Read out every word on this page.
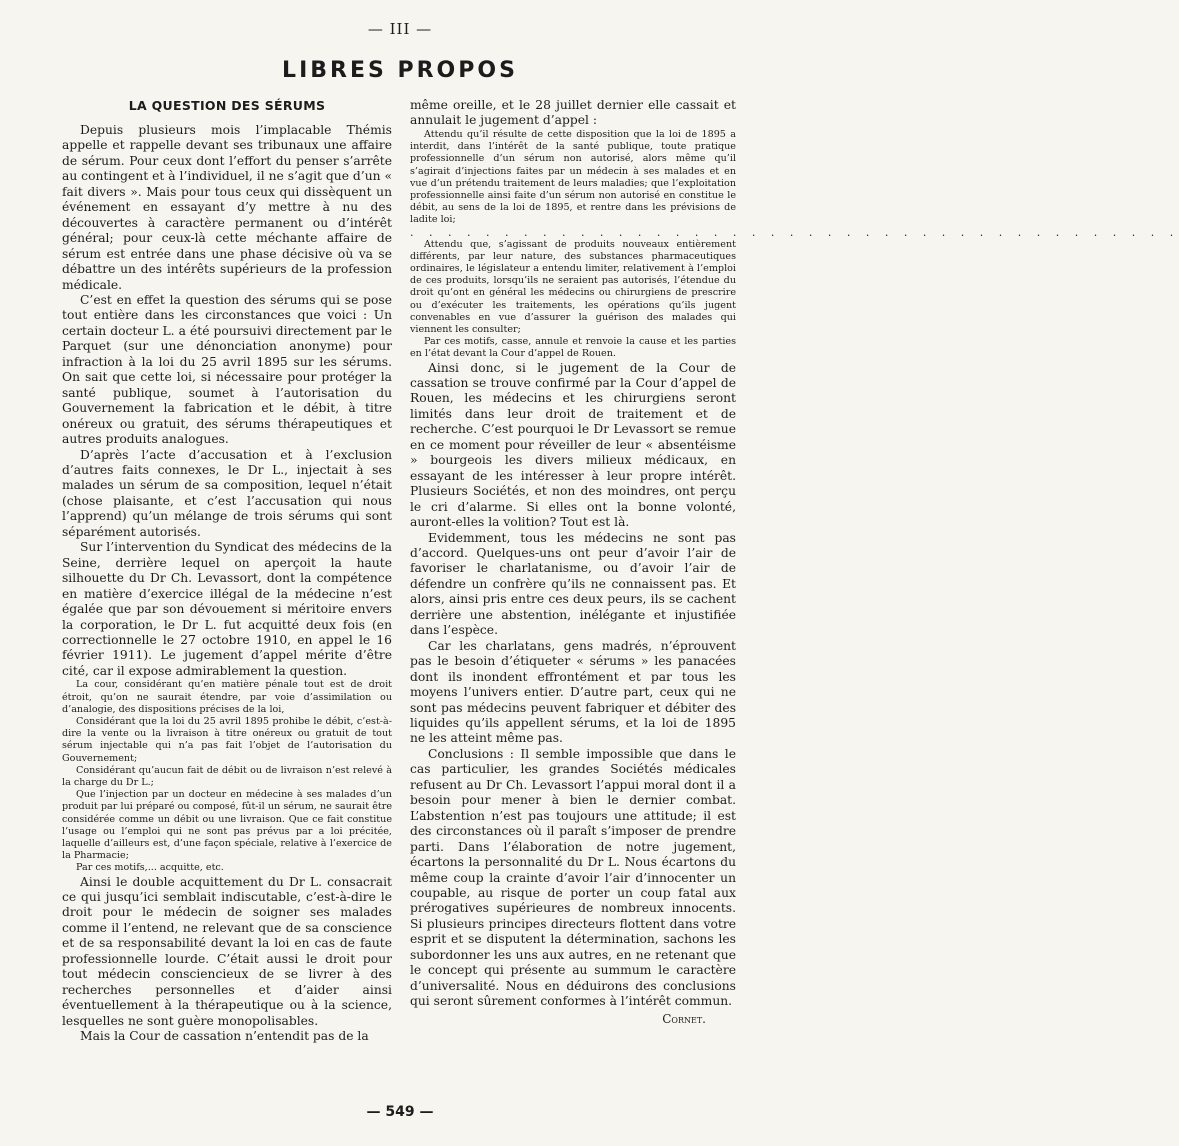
— III —
LIBRES PROPOS
LA QUESTION DES SÉRUMS

Depuis plusieurs mois l’implacable Thémis appelle et rappelle devant ses tribunaux une affaire de sérum. Pour ceux dont l’effort du penser s’arrête au contingent et à l’individuel, il ne s’agit que d’un « fait divers ». Mais pour tous ceux qui dissèquent un événement en essayant d’y mettre à nu des découvertes à caractère permanent ou d’intérêt général; pour ceux-là cette méchante affaire de sérum est entrée dans une phase décisive où va se débattre un des intérêts supérieurs de la profession médicale.

C’est en effet la question des sérums qui se pose tout entière dans les circonstances que voici : Un certain docteur L. a été poursuivi directement par le Parquet (sur une dénonciation anonyme) pour infraction à la loi du 25 avril 1895 sur les sérums. On sait que cette loi, si nécessaire pour protéger la santé publique, soumet à l’autorisation du Gouvernement la fabrication et le débit, à titre onéreux ou gratuit, des sérums thérapeutiques et autres produits analogues.

D’après l’acte d’accusation et à l’exclusion d’autres faits connexes, le Dr L., injectait à ses malades un sérum de sa composition, lequel n’était (chose plaisante, et c’est l’accusation qui nous l’apprend) qu’un mélange de trois sérums qui sont séparément autorisés.

Sur l’intervention du Syndicat des médecins de la Seine, derrière lequel on aperçoit la haute silhouette du Dr Ch. Levassort, dont la compétence en matière d’exercice illégal de la médecine n’est égalée que par son dévouement si méritoire envers la corporation, le Dr L. fut acquitté deux fois (en correctionnelle le 27 octobre 1910, en appel le 16 février 1911). Le jugement d’appel mérite d’être cité, car il expose admirablement la question.

La cour, considérant qu’en matière pénale tout est de droit étroit, qu’on ne saurait étendre, par voie d’assimilation ou d’analogie, des dispositions précises de la loi,

Considérant que la loi du 25 avril 1895 prohibe le débit, c’est-à-dire la vente ou la livraison à titre onéreux ou gratuit de tout sérum injectable qui n’a pas fait l’objet de l’autorisation du Gouvernement;

Considérant qu’aucun fait de débit ou de livraison n’est relevé à la charge du Dr L.;

Que l’injection par un docteur en médecine à ses malades d’un produit par lui préparé ou composé, fût-il un sérum, ne saurait être considérée comme un débit ou une livraison. Que ce fait constitue l’usage ou l’emploi qui ne sont pas prévus par a loi précitée, laquelle d’ailleurs est, d’une façon spéciale, relative à l’exercice de la Pharmacie;

Par ces motifs,... acquitte, etc.

Ainsi le double acquittement du Dr L. consacrait ce qui jusqu’ici semblait indiscutable, c’est-à-dire le droit pour le médecin de soigner ses malades comme il l’entend, ne relevant que de sa conscience et de sa responsabilité devant la loi en cas de faute professionnelle lourde. C’était aussi le droit pour tout médecin consciencieux de se livrer à des recherches personnelles et d’aider ainsi éventuellement à la thérapeutique ou à la science, lesquelles ne sont guère monopolisables.

Mais la Cour de cassation n’entendit pas de la

même oreille, et le 28 juillet dernier elle cassait et annulait le jugement d’appel :

Attendu qu’il résulte de cette disposition que la loi de 1895 a interdit, dans l’intérêt de la santé publique, toute pratique professionnelle d’un sérum non autorisé, alors même qu’il s’agirait d’injections faites par un médecin à ses malades et en vue d’un prétendu traitement de leurs maladies; que l’exploitation professionnelle ainsi faite d’un sérum non autorisé en constitue le débit, au sens de la loi de 1895, et rentre dans les prévisions de ladite loi;

. . . . . . . . . . . . . . . . . . . . . . . . . . . . . . . . . . . . . . . . .

Attendu que, s’agissant de produits nouveaux entièrement différents, par leur nature, des substances pharmaceutiques ordinaires, le législateur a entendu limiter, relativement à l’emploi de ces produits, lorsqu’ils ne seraient pas autorisés, l’étendue du droit qu’ont en général les médecins ou chirurgiens de prescrire ou d’exécuter les traitements, les opérations qu’ils jugent convenables en vue d’assurer la guérison des malades qui viennent les consulter;

Par ces motifs, casse, annule et renvoie la cause et les parties en l’état devant la Cour d’appel de Rouen.

Ainsi donc, si le jugement de la Cour de cassation se trouve confirmé par la Cour d’appel de Rouen, les médecins et les chirurgiens seront limités dans leur droit de traitement et de recherche. C’est pourquoi le Dr Levassort se remue en ce moment pour réveiller de leur « absentéisme » bourgeois les divers milieux médicaux, en essayant de les intéresser à leur propre intérêt. Plusieurs Sociétés, et non des moindres, ont perçu le cri d’alarme. Si elles ont la bonne volonté, auront-elles la volition? Tout est là.

Evidemment, tous les médecins ne sont pas d’accord. Quelques-uns ont peur d’avoir l’air de favoriser le charlatanisme, ou d’avoir l’air de défendre un confrère qu’ils ne connaissent pas. Et alors, ainsi pris entre ces deux peurs, ils se cachent derrière une abstention, inélégante et injustifiée dans l’espèce.

Car les charlatans, gens madrés, n’éprouvent pas le besoin d’étiqueter « sérums » les panacées dont ils inondent effrontément et par tous les moyens l’univers entier. D’autre part, ceux qui ne sont pas médecins peuvent fabriquer et débiter des liquides qu’ils appellent sérums, et la loi de 1895 ne les atteint même pas.

Conclusions : Il semble impossible que dans le cas particulier, les grandes Sociétés médicales refusent au Dr Ch. Levassort l’appui moral dont il a besoin pour mener à bien le dernier combat. L’abstention n’est pas toujours une attitude; il est des circonstances où il paraît s’imposer de prendre parti. Dans l’élaboration de notre jugement, écartons la personnalité du Dr L. Nous écartons du même coup la crainte d’avoir l’air d’innocenter un coupable, au risque de porter un coup fatal aux prérogatives supérieures de nombreux innocents. Si plusieurs principes directeurs flottent dans votre esprit et se disputent la détermination, sachons les subordonner les uns aux autres, en ne retenant que le concept qui présente au summum le caractère d’universalité. Nous en déduirons des conclusions qui seront sûrement conformes à l’intérêt commun.

Cornet.
— 549 —
